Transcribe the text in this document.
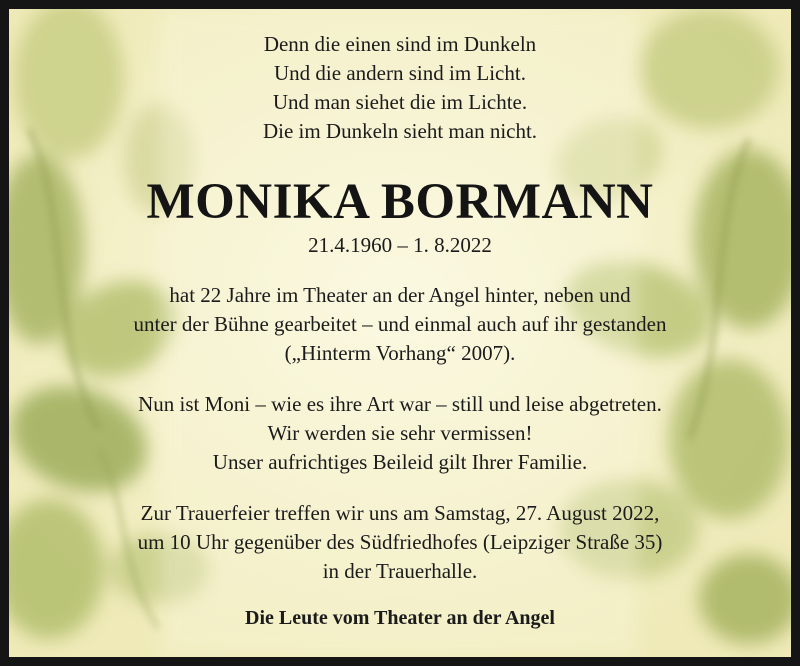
Denn die einen sind im Dunkeln
Und die andern sind im Licht.
Und man siehet die im Lichte.
Die im Dunkeln sieht man nicht.
MONIKA BORMANN
21.4.1960 – 1. 8.2022
hat 22 Jahre im Theater an der Angel hinter, neben und
unter der Bühne gearbeitet – und einmal auch auf ihr gestanden
(„Hinterm Vorhang“ 2007).
Nun ist Moni – wie es ihre Art war – still und leise abgetreten.
Wir werden sie sehr vermissen!
Unser aufrichtiges Beileid gilt Ihrer Familie.
Zur Trauerfeier treffen wir uns am Samstag, 27. August 2022,
um 10 Uhr gegenüber des Südfriedhofes (Leipziger Straße 35)
in der Trauerhalle.
Die Leute vom Theater an der Angel
